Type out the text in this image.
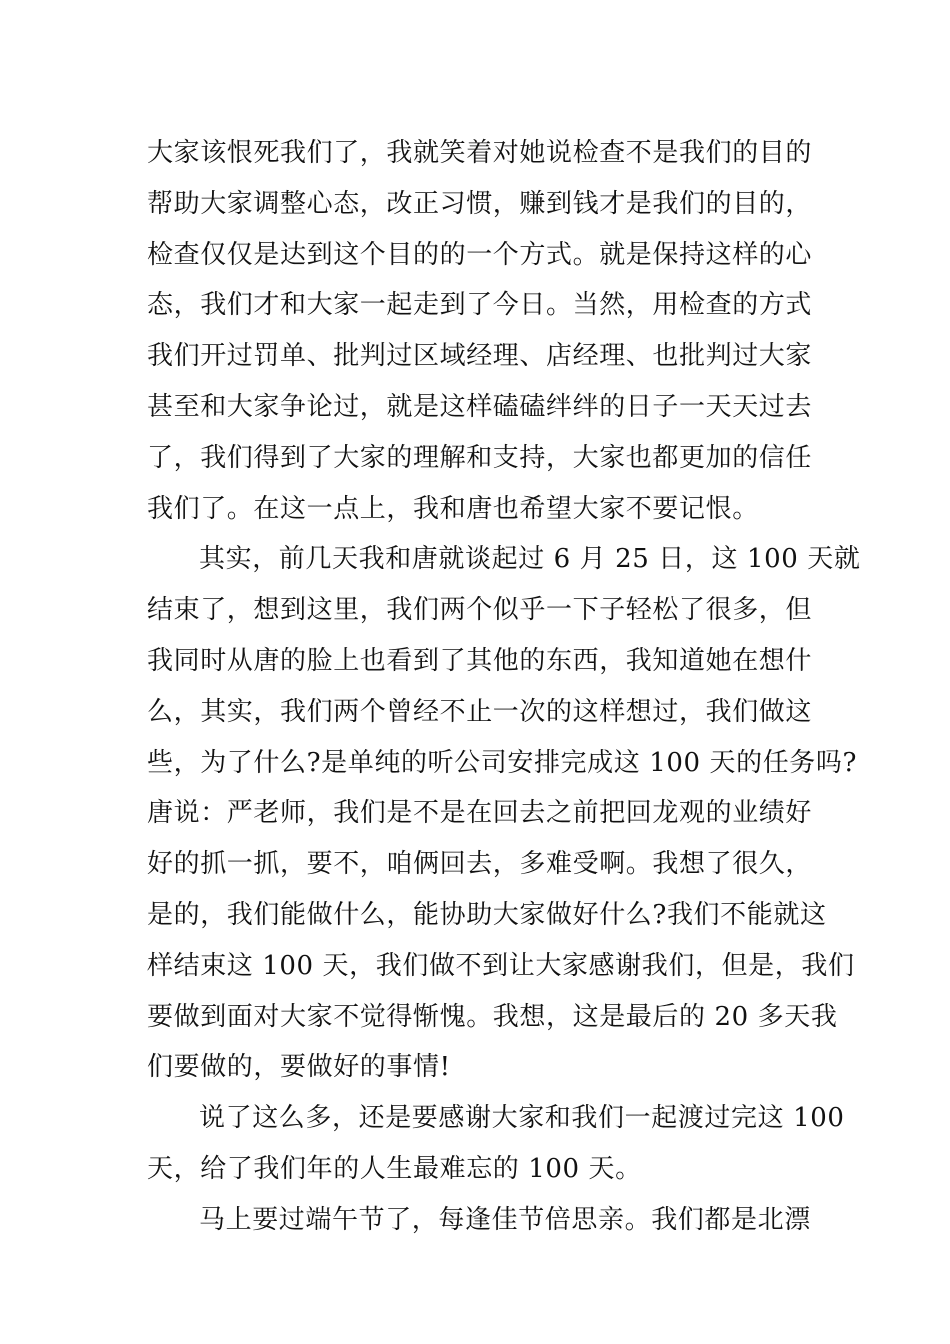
大家该恨死我们了，我就笑着对她说检查不是我们的目的
帮助大家调整心态，改正习惯，赚到钱才是我们的目的，
检查仅仅是达到这个目的的一个方式。就是保持这样的心
态，我们才和大家一起走到了今日。当然，用检查的方式
我们开过罚单、批判过区域经理、店经理、也批判过大家
甚至和大家争论过，就是这样磕磕绊绊的日子一天天过去
了，我们得到了大家的理解和支持，大家也都更加的信任
我们了。在这一点上，我和唐也希望大家不要记恨。
其实，前几天我和唐就谈起过 6 月 25 日，这 100 天就
结束了，想到这里，我们两个似乎一下子轻松了很多，但
我同时从唐的脸上也看到了其他的东西，我知道她在想什
么，其实，我们两个曾经不止一次的这样想过，我们做这
些，为了什么?是单纯的听公司安排完成这 100 天的任务吗?
唐说：严老师，我们是不是在回去之前把回龙观的业绩好
好的抓一抓，要不，咱俩回去，多难受啊。我想了很久，
是的，我们能做什么，能协助大家做好什么?我们不能就这
样结束这 100 天，我们做不到让大家感谢我们，但是，我们
要做到面对大家不觉得惭愧。我想，这是最后的 20 多天我
们要做的，要做好的事情!
说了这么多，还是要感谢大家和我们一起渡过完这 100
天，给了我们年的人生最难忘的 100 天。
马上要过端午节了，每逢佳节倍思亲。我们都是北漂
